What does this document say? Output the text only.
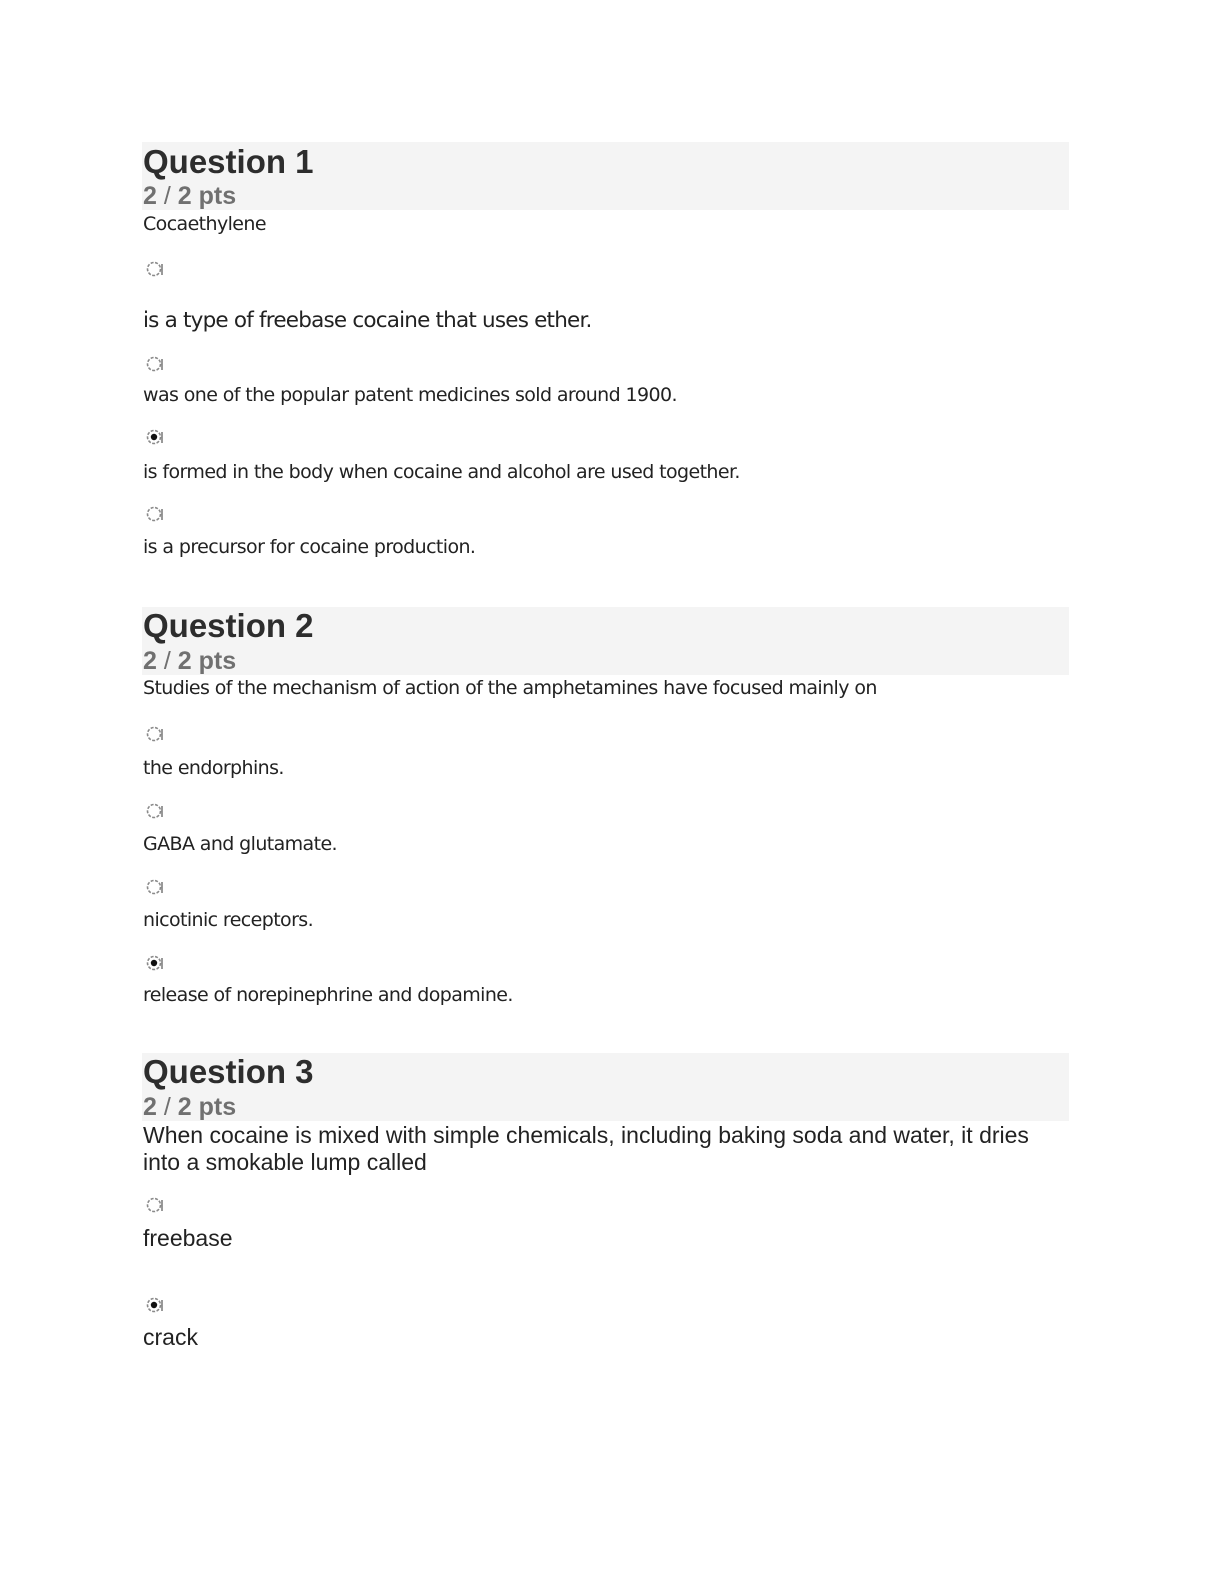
Question 1
2 / 2 pts
Cocaethylene
is a type of freebase cocaine that uses ether.
was one of the popular patent medicines sold around 1900.
is formed in the body when cocaine and alcohol are used together.
is a precursor for cocaine production.
Question 2
2 / 2 pts
Studies of the mechanism of action of the amphetamines have focused mainly on
the endorphins.
GABA and glutamate.
nicotinic receptors.
release of norepinephrine and dopamine.
Question 3
2 / 2 pts
When cocaine is mixed with simple chemicals, including baking soda and water, it dries
into a smokable lump called
freebase
crack
